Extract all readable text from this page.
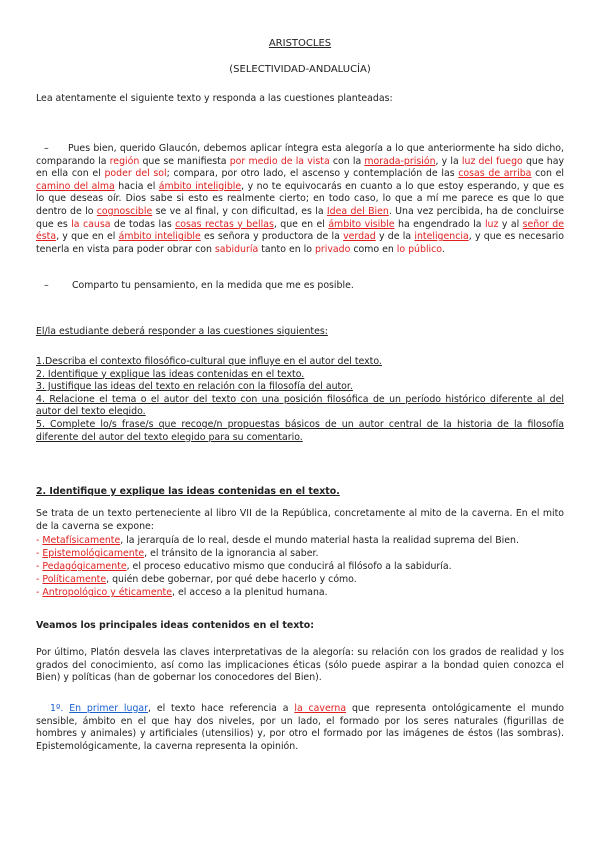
ARISTOCLES
(SELECTIVIDAD-ANDALUCÍA)
Lea atentamente el siguiente texto y responda a las cuestiones planteadas:
–	Pues bien, querido Glaucón, debemos aplicar íntegra esta alegoría a lo que anteriormente ha sido dicho, comparando la región que se manifiesta por medio de la vista con la morada-prisión, y la luz del fuego que hay en ella con el poder del sol; compara, por otro lado, el ascenso y contemplación de las cosas de arriba con el camino del alma hacia el ámbito inteligible, y no te equivocarás en cuanto a lo que estoy esperando, y que es lo que deseas oír. Dios sabe si esto es realmente cierto; en todo caso, lo que a mí me parece es que lo que dentro de lo cognoscible se ve al final, y con dificultad, es la Idea del Bien. Una vez percibida, ha de concluirse que es la causa de todas las cosas rectas y bellas, que en el ámbito visible ha engendrado la luz y al señor de ésta, y que en el ámbito inteligible es señora y productora de la verdad y de la inteligencia, y que es necesario tenerla en vista para poder obrar con sabiduría tanto en lo privado como en lo público.
– Comparto tu pensamiento, en la medida que me es posible.
El/la estudiante deberá responder a las cuestiones siguientes:
1.Describa el contexto filosófico-cultural que influye en el autor del texto.
2. Identifique y explique las ideas contenidas en el texto.
3. Justifique las ideas del texto en relación con la filosofía del autor.
4. Relacione el tema o el autor del texto con una posición filosófica de un período histórico diferente al del autor del texto elegido.
5. Complete lo/s frase/s que recoge/n propuestas básicos de un autor central de la historia de la filosofía diferente del autor del texto elegido para su comentario.
2. Identifique y explique las ideas contenidas en el texto.
Se trata de un texto perteneciente al libro VII de la República, concretamente al mito de la caverna. En el mito de la caverna se expone:
- Metafísicamente, la jerarquía de lo real, desde el mundo material hasta la realidad suprema del Bien.
- Epistemológicamente, el tránsito de la ignorancia al saber.
- Pedagógicamente, el proceso educativo mismo que conducirá al filósofo a la sabiduría.
- Políticamente, quién debe gobernar, por qué debe hacerlo y cómo.
- Antropológico y éticamente, el acceso a la plenitud humana.
Veamos los principales ideas contenidos en el texto:
Por último, Platón desvela las claves interpretativas de la alegoría: su relación con los grados de realidad y los grados del conocimiento, así como las implicaciones éticas (sólo puede aspirar a la bondad quien conozca el Bien) y políticas (han de gobernar los conocedores del Bien).
1º. En primer lugar, el texto hace referencia a la caverna que representa ontológicamente el mundo sensible, ámbito en el que hay dos niveles, por un lado, el formado por los seres naturales (figurillas de hombres y animales) y artificiales (utensilios) y, por otro el formado por las imágenes de éstos (las sombras). Epistemológicamente, la caverna representa la opinión.
